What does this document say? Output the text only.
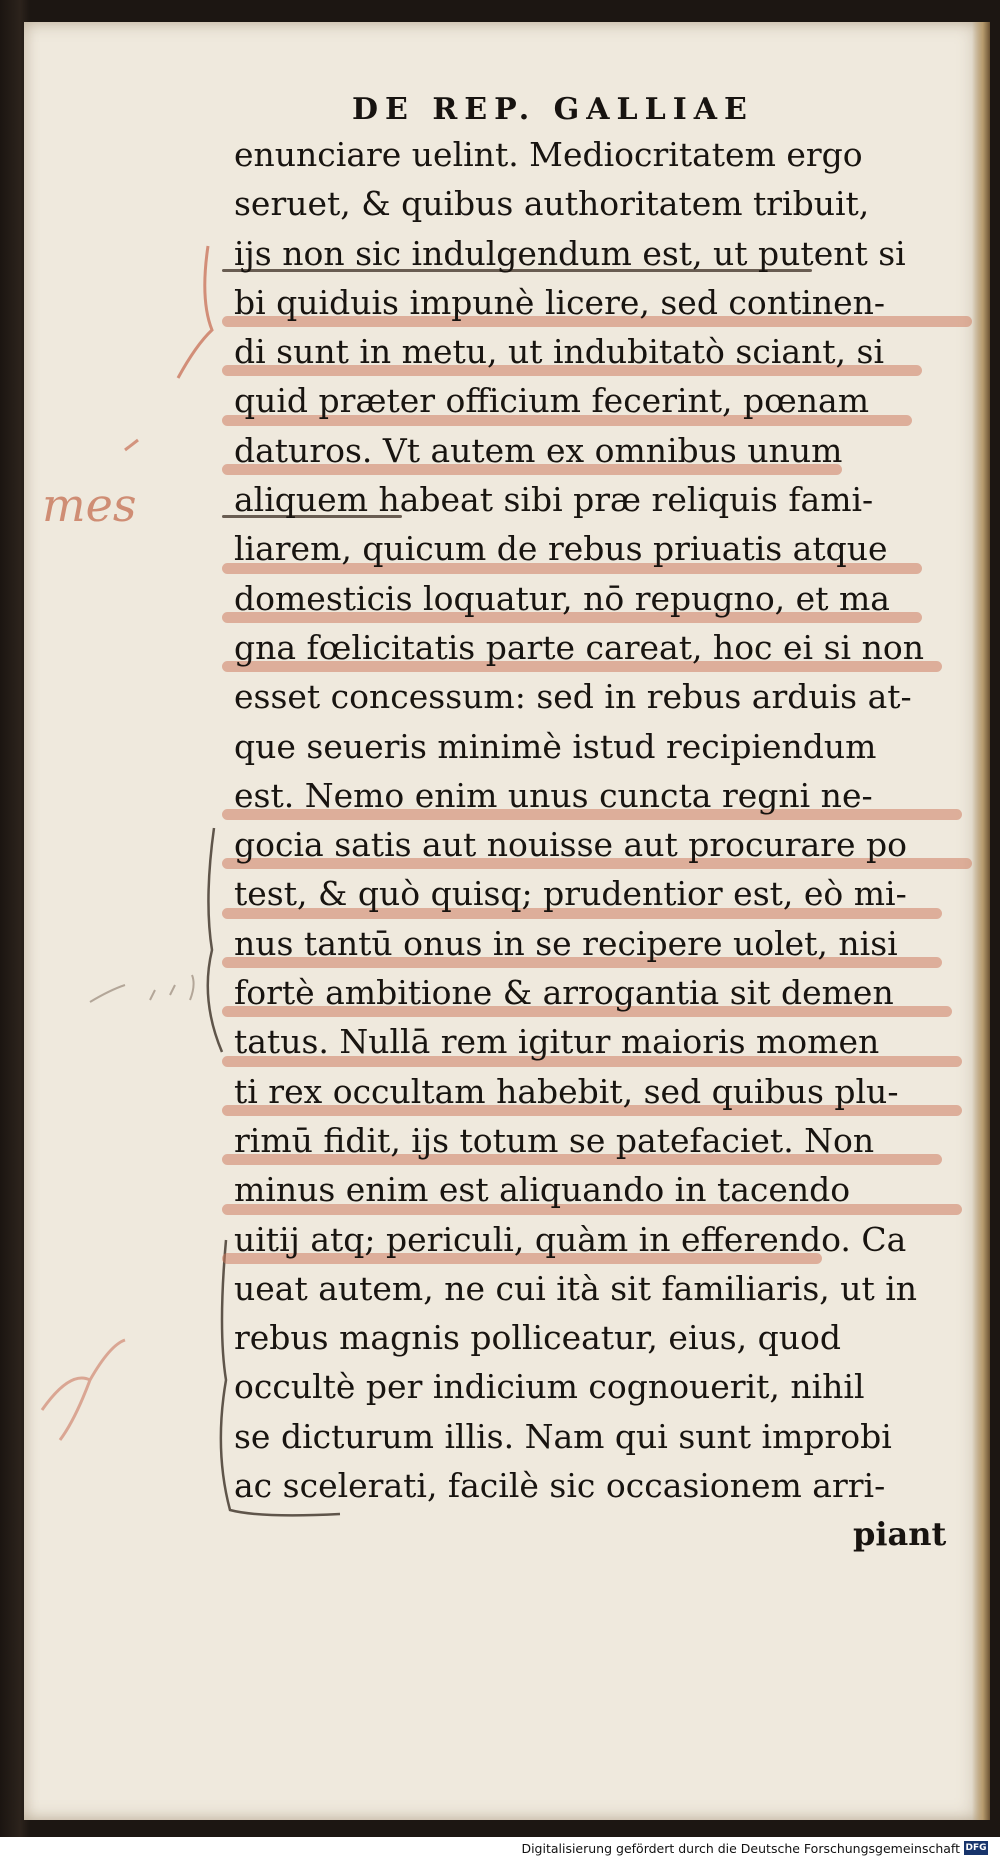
DE REP. GALLIAE
mes
enunciare uelint. Mediocritatem ergo
seruet, & quibus authoritatem tribuit,
ijs non sic indulgendum est, ut putent si
bi quiduis impunè licere, sed continen-
di sunt in metu, ut indubitatò sciant, si
quid præter officium fecerint, pœnam
daturos. Vt autem ex omnibus unum
aliquem habeat sibi præ reliquis fami-
liarem, quicum de rebus priuatis atque
domesticis loquatur, nō repugno, et ma
gna fœlicitatis parte careat, hoc ei si non
esset concessum: sed in rebus arduis at-
que seueris minimè istud recipiendum
est. Nemo enim unus cuncta regni ne-
gocia satis aut nouisse aut procurare po
test, & quò quisq; prudentior est, eò mi-
nus tantū onus in se recipere uolet, nisi
fortè ambitione & arrogantia sit demen
tatus. Nullā rem igitur maioris momen
ti rex occultam habebit, sed quibus plu-
rimū fidit, ijs totum se patefaciet. Non
minus enim est aliquando in tacendo
uitij atq; periculi, quàm in efferendo. Ca
ueat autem, ne cui ità sit familiaris, ut in
rebus magnis polliceatur, eius, quod
occultè per indicium cognouerit, nihil
se dicturum illis. Nam qui sunt improbi
ac scelerati, facilè sic occasionem arri-
piant
Digitalisierung gefördert durch die Deutsche Forschungsgemeinschaft DFG
